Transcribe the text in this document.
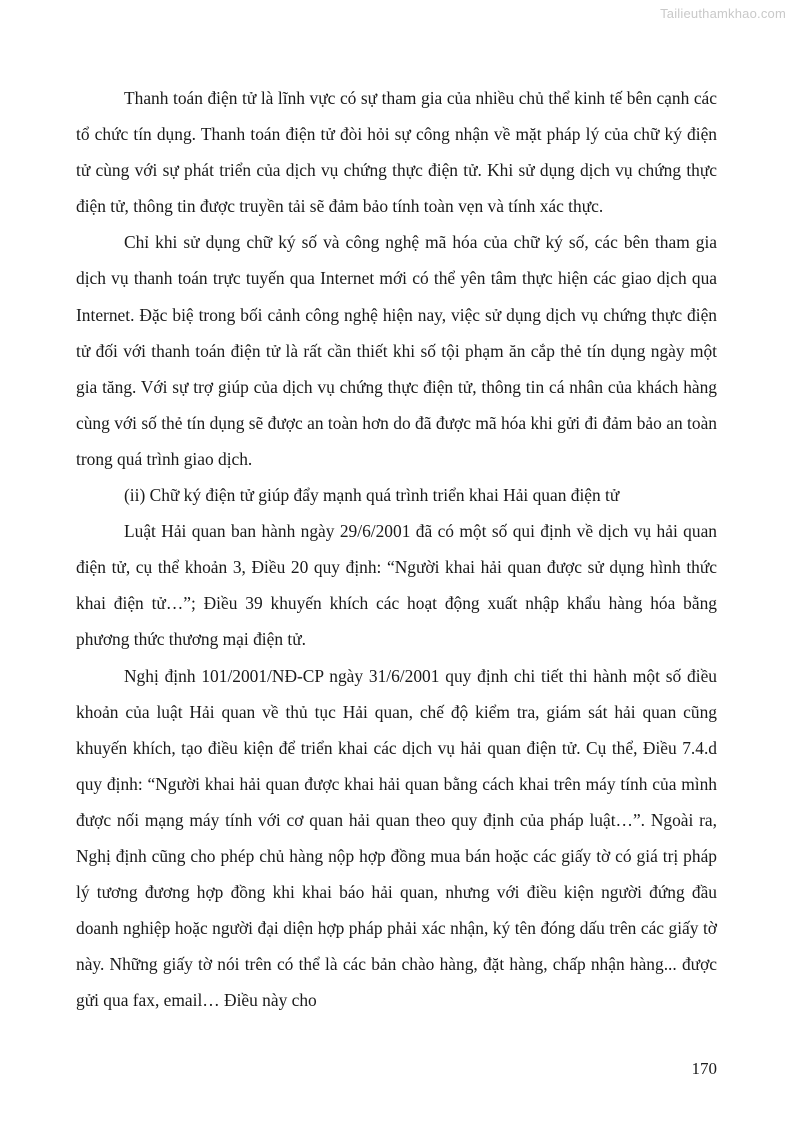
Tailieuthamkhao.com

Thanh toán điện tử là lĩnh vực có sự tham gia của nhiều chủ thể kinh tế bên cạnh các tổ chức tín dụng. Thanh toán điện tử đòi hỏi sự công nhận về mặt pháp lý của chữ ký điện tử cùng với sự phát triển của dịch vụ chứng thực điện tử. Khi sử dụng dịch vụ chứng thực điện tử, thông tin được truyền tải sẽ đảm bảo tính toàn vẹn và tính xác thực.

Chỉ khi sử dụng chữ ký số và công nghệ mã hóa của chữ ký số, các bên tham gia dịch vụ thanh toán trực tuyến qua Internet mới có thể yên tâm thực hiện các giao dịch qua Internet. Đặc biệ trong bối cảnh công nghệ hiện nay, việc sử dụng dịch vụ chứng thực điện tử đối với thanh toán điện tử là rất cần thiết khi số tội phạm ăn cắp thẻ tín dụng ngày một gia tăng. Với sự trợ giúp của dịch vụ chứng thực điện tử, thông tin cá nhân của khách hàng cùng với số thẻ tín dụng sẽ được an toàn hơn do đã được mã hóa khi gửi đi đảm bảo an toàn trong quá trình giao dịch.

(ii) Chữ ký điện tử giúp đẩy mạnh quá trình triển khai Hải quan điện tử

Luật Hải quan ban hành ngày 29/6/2001 đã có một số qui định về dịch vụ hải quan điện tử, cụ thể khoản 3, Điều 20 quy định: “Người khai hải quan được sử dụng hình thức khai điện tử…”; Điều 39 khuyến khích các hoạt động xuất nhập khẩu hàng hóa bằng phương thức thương mại điện tử.

Nghị định 101/2001/NĐ-CP ngày 31/6/2001 quy định chi tiết thi hành một số điều khoản của luật Hải quan về thủ tục Hải quan, chế độ kiểm tra, giám sát hải quan cũng khuyến khích, tạo điều kiện để triển khai các dịch vụ hải quan điện tử. Cụ thể, Điều 7.4.d quy định: “Người khai hải quan được khai hải quan bằng cách khai trên máy tính của mình được nối mạng máy tính với cơ quan hải quan theo quy định của pháp luật…”. Ngoài ra, Nghị định cũng cho phép chủ hàng nộp hợp đồng mua bán hoặc các giấy tờ có giá trị pháp lý tương đương hợp đồng khi khai báo hải quan, nhưng với điều kiện người đứng đầu doanh nghiệp hoặc người đại diện hợp pháp phải xác nhận, ký tên đóng dấu trên các giấy tờ này. Những giấy tờ nói trên có thể là các bản chào hàng, đặt hàng, chấp nhận hàng... được gửi qua fax, email… Điều này cho

170
